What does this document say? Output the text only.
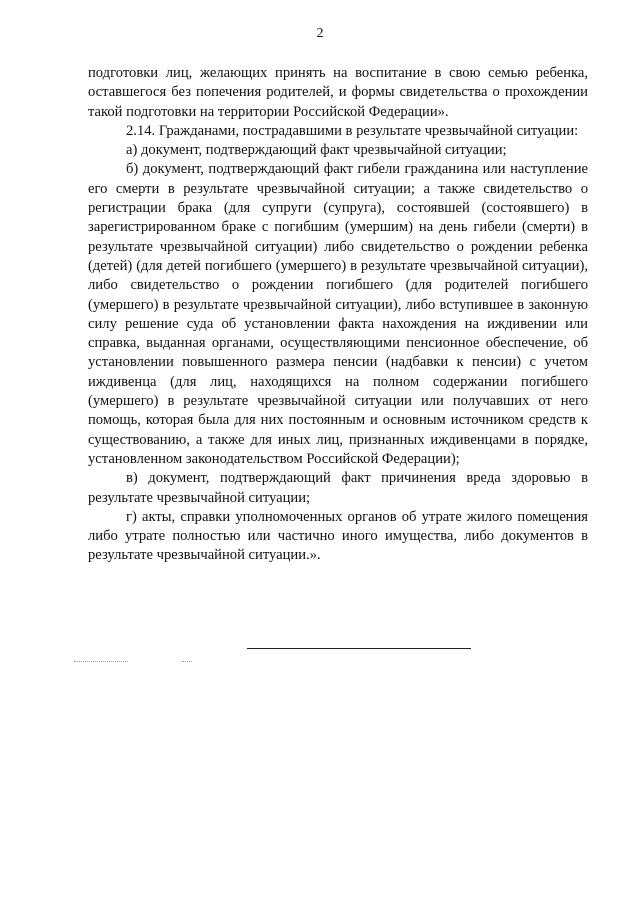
2

подготовки лиц, желающих принять на воспитание в свою семью ребенка, оставшегося без попечения родителей, и формы свидетельства о прохождении такой подготовки на территории Российской Федерации».

2.14. Гражданами, пострадавшими в результате чрезвычайной ситуации:

а) документ, подтверждающий факт чрезвычайной ситуации;

б) документ, подтверждающий факт гибели гражданина или наступление его смерти в результате чрезвычайной ситуации; а также свидетельство о регистрации брака (для супруги (супруга), состоявшей (состоявшего) в зарегистрированном браке с погибшим (умершим) на день гибели (смерти) в результате чрезвычайной ситуации) либо свидетельство о рождении ребенка (детей) (для детей погибшего (умершего) в результате чрезвычайной ситуации), либо свидетельство о рождении погибшего (для родителей погибшего (умершего) в результате чрезвычайной ситуации), либо вступившее в законную силу решение суда об установлении факта нахождения на иждивении или справка, выданная органами, осуществляющими пенсионное обеспечение, об установлении повышенного размера пенсии (надбавки к пенсии) с учетом иждивенца (для лиц, находящихся на полном содержании погибшего (умершего) в результате чрезвычайной ситуации или получавших от него помощь, которая была для них постоянным и основным источником средств к существованию, а также для иных лиц, признанных иждивенцами в порядке, установленном законодательством Российской Федерации);

в) документ, подтверждающий факт причинения вреда здоровью в результате чрезвычайной ситуации;

г) акты, справки уполномоченных органов об утрате жилого помещения либо утрате полностью или частично иного имущества, либо документов в результате чрезвычайной ситуации.».
